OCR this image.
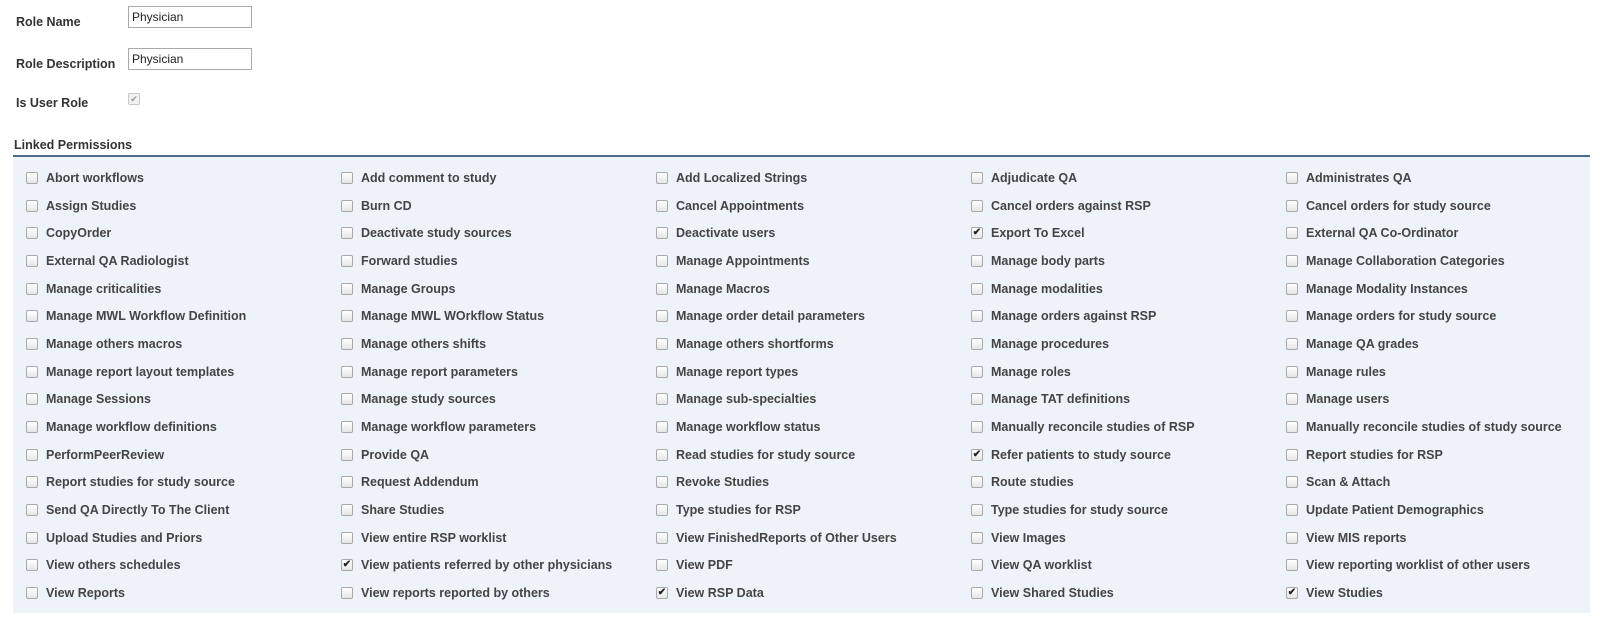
Role Name
Physician
Role Description
Physician
Is User Role	✔
Linked Permissions
Abort workflows	Add comment to study	Add Localized Strings	Adjudicate QA	Administrates QA
Assign Studies	Burn CD	Cancel Appointments	Cancel orders against RSP	Cancel orders for study source
CopyOrder	Deactivate study sources	Deactivate users	✔ Export To Excel	External QA Co-Ordinator
External QA Radiologist	Forward studies	Manage Appointments	Manage body parts	Manage Collaboration Categories
Manage criticalities	Manage Groups	Manage Macros	Manage modalities	Manage Modality Instances
Manage MWL Workflow Definition	Manage MWL WOrkflow Status	Manage order detail parameters	Manage orders against RSP	Manage orders for study source
Manage others macros	Manage others shifts	Manage others shortforms	Manage procedures	Manage QA grades
Manage report layout templates	Manage report parameters	Manage report types	Manage roles	Manage rules
Manage Sessions	Manage study sources	Manage sub-specialties	Manage TAT definitions	Manage users
Manage workflow definitions	Manage workflow parameters	Manage workflow status	Manually reconcile studies of RSP	Manually reconcile studies of study source
PerformPeerReview	Provide QA	Read studies for study source	✔ Refer patients to study source	Report studies for RSP
Report studies for study source	Request Addendum	Revoke Studies	Route studies	Scan & Attach
Send QA Directly To The Client	Share Studies	Type studies for RSP	Type studies for study source	Update Patient Demographics
Upload Studies and Priors	View entire RSP worklist	View FinishedReports of Other Users	View Images	View MIS reports
View others schedules	✔ View patients referred by other physicians	View PDF	View QA worklist	View reporting worklist of other users
View Reports	View reports reported by others	✔ View RSP Data	View Shared Studies	✔ View Studies
